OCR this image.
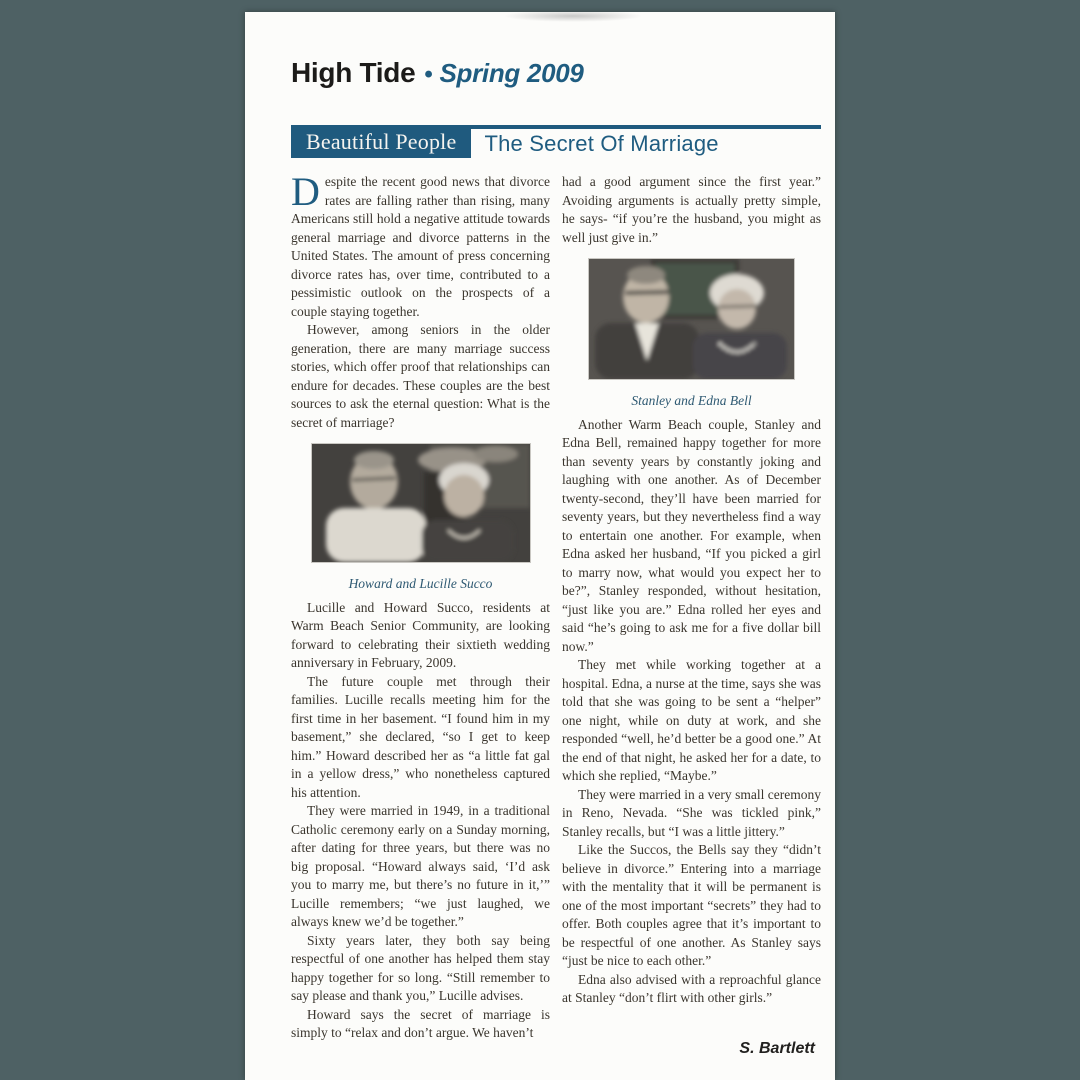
High Tide • Spring 2009
Beautiful People	The Secret Of Marriage

Despite the recent good news that divorce rates are falling rather than rising, many Americans still hold a negative attitude towards general marriage and divorce patterns in the United States. The amount of press concerning divorce rates has, over time, contributed to a pessimistic outlook on the prospects of a couple staying together.

However, among seniors in the older generation, there are many marriage success stories, which offer proof that relationships can endure for decades. These couples are the best sources to ask the eternal question: What is the secret of marriage?

Howard and Lucille Succo

Lucille and Howard Succo, residents at Warm Beach Senior Community, are looking forward to celebrating their sixtieth wedding anniversary in February, 2009.

The future couple met through their families. Lucille recalls meeting him for the first time in her basement. “I found him in my basement,” she declared, “so I get to keep him.” Howard described her as “a little fat gal in a yellow dress,” who nonetheless captured his attention.

They were married in 1949, in a traditional Catholic ceremony early on a Sunday morning, after dating for three years, but there was no big proposal. “Howard always said, ‘I’d ask you to marry me, but there’s no future in it,’” Lucille remembers; “we just laughed, we always knew we’d be together.”

Sixty years later, they both say being respectful of one another has helped them stay happy together for so long. “Still remember to say please and thank you,” Lucille advises.

Howard says the secret of marriage is simply to “relax and don’t argue. We haven’t

had a good argument since the first year.” Avoiding arguments is actually pretty simple, he says- “if you’re the husband, you might as well just give in.”

Stanley and Edna Bell

Another Warm Beach couple, Stanley and Edna Bell, remained happy together for more than seventy years by constantly joking and laughing with one another. As of December twenty-second, they’ll have been married for seventy years, but they nevertheless find a way to entertain one another. For example, when Edna asked her husband, “If you picked a girl to marry now, what would you expect her to be?”, Stanley responded, without hesitation, “just like you are.” Edna rolled her eyes and said “he’s going to ask me for a five dollar bill now.”

They met while working together at a hospital. Edna, a nurse at the time, says she was told that she was going to be sent a “helper” one night, while on duty at work, and she responded “well, he’d better be a good one.” At the end of that night, he asked her for a date, to which she replied, “Maybe.”

They were married in a very small ceremony in Reno, Nevada. “She was tickled pink,” Stanley recalls, but “I was a little jittery.”

Like the Succos, the Bells say they “didn’t believe in divorce.” Entering into a marriage with the mentality that it will be permanent is one of the most important “secrets” they had to offer. Both couples agree that it’s important to be respectful of one another. As Stanley says “just be nice to each other.”

Edna also advised with a reproachful glance at Stanley “don’t flirt with other girls.”

S. Bartlett
